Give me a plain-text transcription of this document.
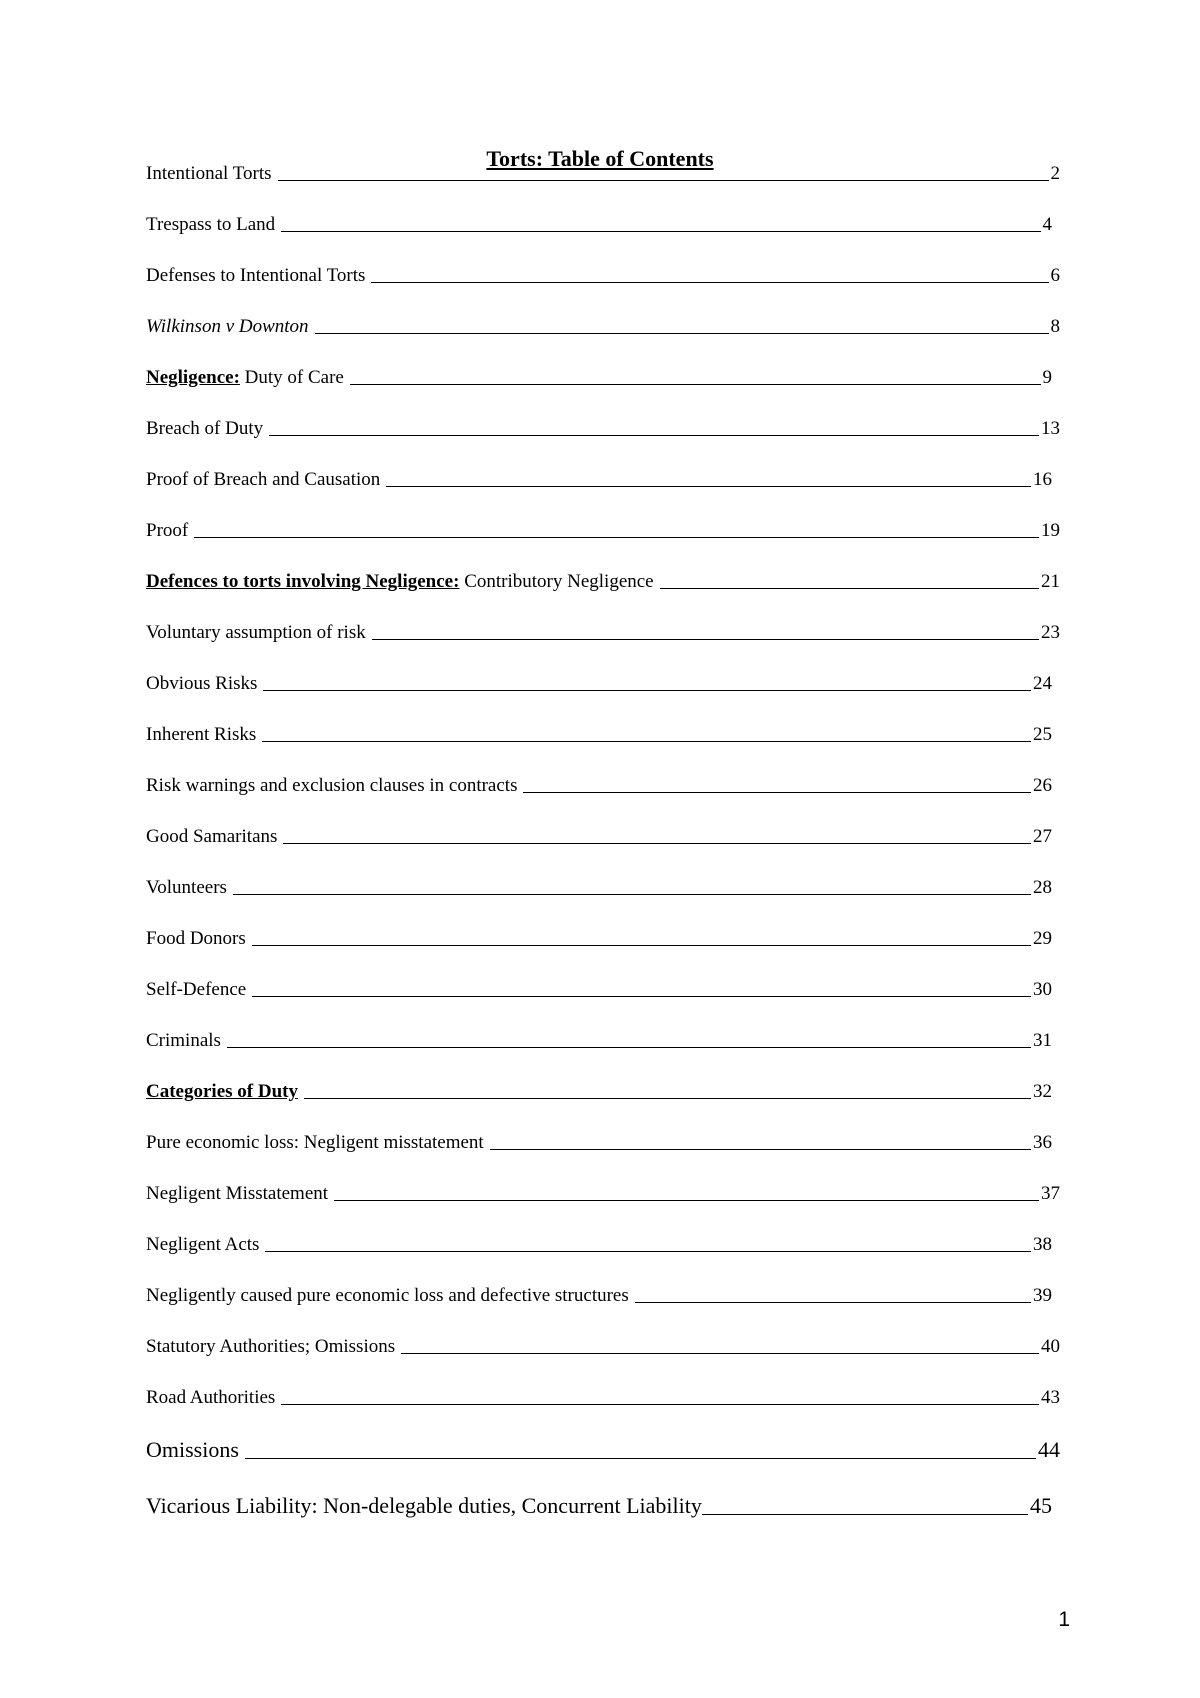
Torts: Table of Contents
Intentional Torts	2
Trespass to Land	4
Defenses to Intentional Torts	6
Wilkinson v Downton	8
Negligence: Duty of Care	9
Breach of Duty	13
Proof of Breach and Causation	16
Proof	19
Defences to torts involving Negligence: Contributory Negligence	21
Voluntary assumption of risk	23
Obvious Risks	24
Inherent Risks	25
Risk warnings and exclusion clauses in contracts	26
Good Samaritans	27
Volunteers	28
Food Donors	29
Self-Defence	30
Criminals	31
Categories of Duty	32
Pure economic loss: Negligent misstatement	36
Negligent Misstatement	37
Negligent Acts	38
Negligently caused pure economic loss and defective structures	39
Statutory Authorities; Omissions	40
Road Authorities	43
Omissions	44
Vicarious Liability: Non-delegable duties, Concurrent Liability	45
1
